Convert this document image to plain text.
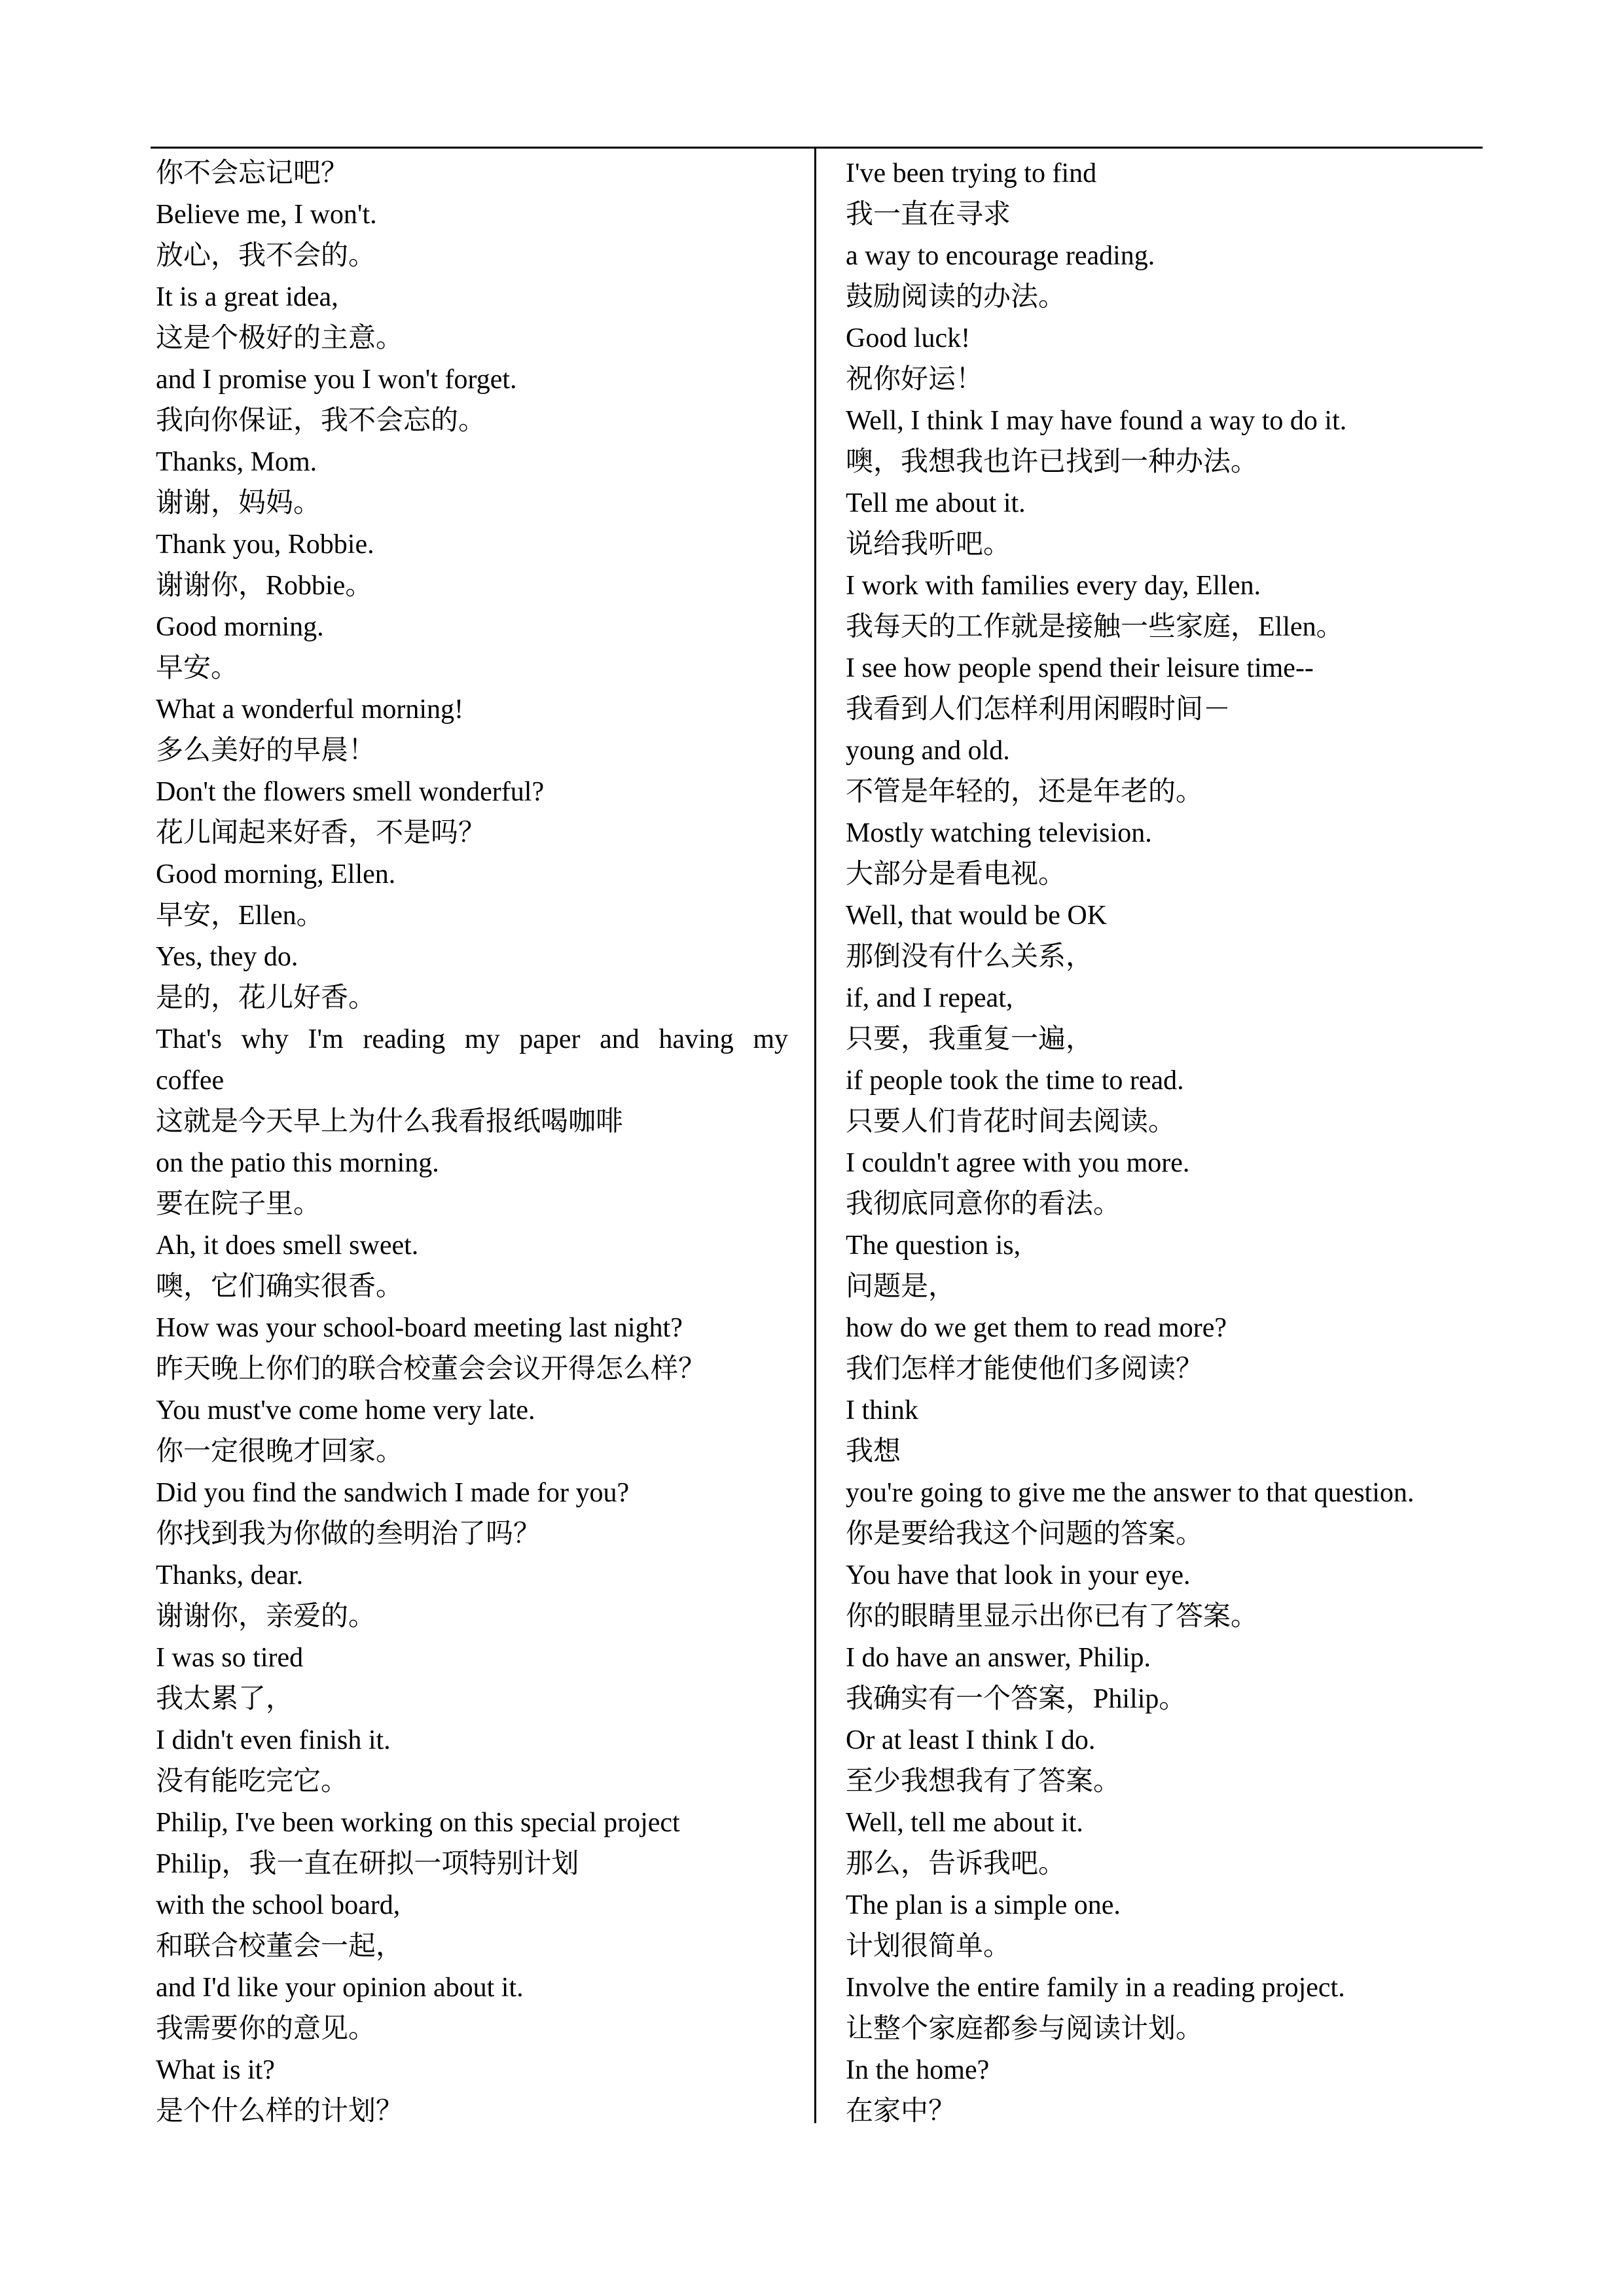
你不会忘记吧？
Believe me, I won't.
放心，我不会的。
It is a great idea,
这是个极好的主意。
and I promise you I won't forget.
我向你保证，我不会忘的。
Thanks, Mom.
谢谢，妈妈。
Thank you, Robbie.
谢谢你，Robbie。
Good morning.
早安。
What a wonderful morning!
多么美好的早晨！
Don't the flowers smell wonderful?
花儿闻起来好香，不是吗？
Good morning, Ellen.
早安，Ellen。
Yes, they do.
是的，花儿好香。
That's why I'm reading my paper and having my
coffee
这就是今天早上为什么我看报纸喝咖啡
on the patio this morning.
要在院子里。
Ah, it does smell sweet.
噢，它们确实很香。
How was your school-board meeting last night?
昨天晚上你们的联合校董会会议开得怎么样？
You must've come home very late.
你一定很晚才回家。
Did you find the sandwich I made for you?
你找到我为你做的叁明治了吗？
Thanks, dear.
谢谢你，亲爱的。
I was so tired
我太累了，
I didn't even finish it.
没有能吃完它。
Philip, I've been working on this special project
Philip，我一直在研拟一项特别计划
with the school board,
和联合校董会一起，
and I'd like your opinion about it.
我需要你的意见。
What is it?
是个什么样的计划？
I've been trying to find
我一直在寻求
a way to encourage reading.
鼓励阅读的办法。
Good luck!
祝你好运！
Well, I think I may have found a way to do it.
噢，我想我也许已找到一种办法。
Tell me about it.
说给我听吧。
I work with families every day, Ellen.
我每天的工作就是接触一些家庭，Ellen。
I see how people spend their leisure time--
我看到人们怎样利用闲暇时间－
young and old.
不管是年轻的，还是年老的。
Mostly watching television.
大部分是看电视。
Well, that would be OK
那倒没有什么关系，
if, and I repeat,
只要，我重复一遍，
if people took the time to read.
只要人们肯花时间去阅读。
I couldn't agree with you more.
我彻底同意你的看法。
The question is,
问题是，
how do we get them to read more?
我们怎样才能使他们多阅读？
I think
我想
you're going to give me the answer to that question.
你是要给我这个问题的答案。
You have that look in your eye.
你的眼睛里显示出你已有了答案。
I do have an answer, Philip.
我确实有一个答案，Philip。
Or at least I think I do.
至少我想我有了答案。
Well, tell me about it.
那么，告诉我吧。
The plan is a simple one.
计划很简单。
Involve the entire family in a reading project.
让整个家庭都参与阅读计划。
In the home?
在家中？
